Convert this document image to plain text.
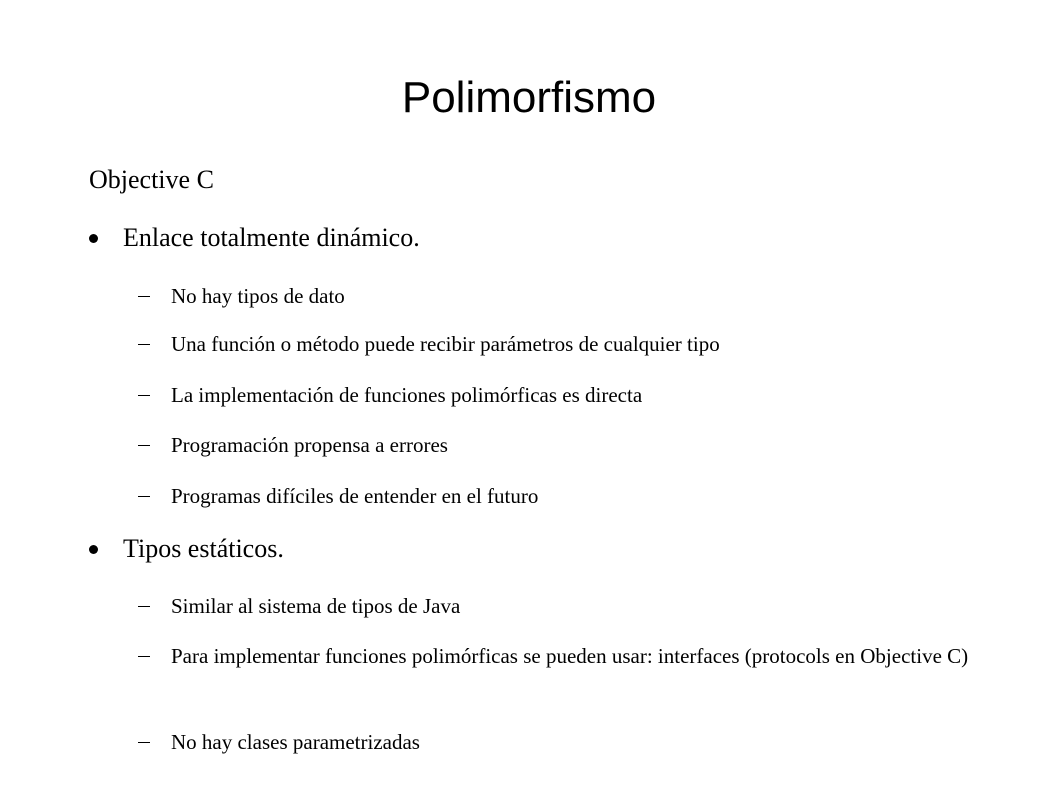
Polimorfismo
Objective C
Enlace totalmente dinámico.
No hay tipos de dato
Una función o método puede recibir parámetros de cualquier tipo
La implementación de funciones polimórficas es directa
Programación propensa a errores
Programas difíciles de entender en el futuro
Tipos estáticos.
Similar al sistema de tipos de Java
Para implementar funciones polimórficas se pueden usar: interfaces (protocols en Objective C)
No hay clases parametrizadas
